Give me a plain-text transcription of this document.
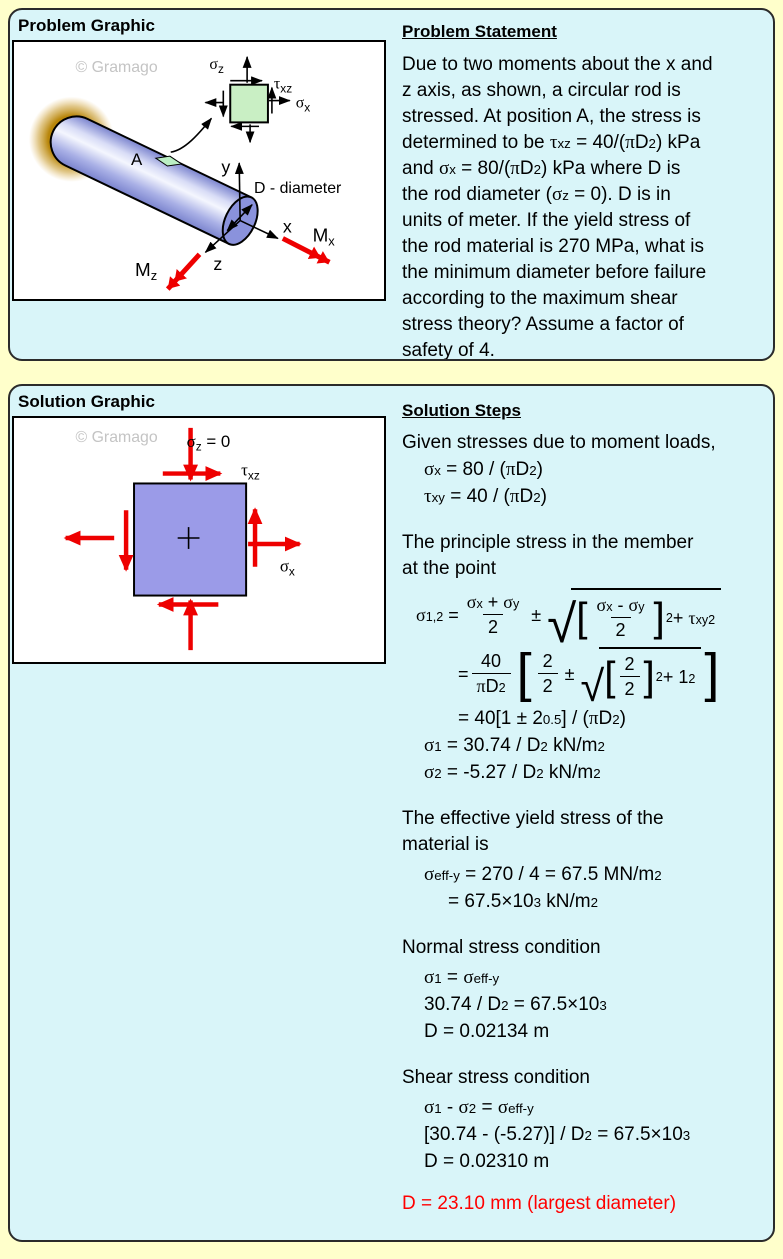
Problem Graphic
© Gramago
A
$\sigma_z$
$\tau_{xz}$
$\sigma_x$
y
x
z
D - diameter
$M_x$
$M_z$
Problem Statement
Due to two moments about the x and
z axis, as shown, a circular rod is
stressed. At position A, the stress is
determined to be $\tau_{xz} = 40/(\pi D^2)$ kPa
and $\sigma_x = 80/(\pi D^2)$ kPa where D is
the rod diameter $(\sigma_z = 0)$. D is in
units of meter. If the yield stress of
the rod material is 270 MPa, what is
the minimum diameter before failure
according to the maximum shear
stress theory? Assume a factor of
safety of 4.
Solution Graphic
© Gramago $\sigma_z = 0$
$\tau_{xz}$
$\sigma_x$
Solution Steps
Given stresses due to moment loads,
$\sigma_x = 80 / (\pi D^2)$
$\tau_{xy} = 40 / (\pi D^2)$
The principle stress in the member
at the point
$\sigma_{1,2} = \frac{\sigma_x + \sigma_y}{2}$ ± √ [ $\frac{\sigma_x - \sigma_y}{2}$ ] $2 + \tau_{xy}^2$
= $\frac{40}{\pi D^2}$ [ $\frac{2}{2}$ ± √ [ $\frac{2}{2}$ ] $2 + 1^2$ ]
= $40[1 \pm 2^{0.5}] / (\pi D^2)$
$\sigma_1 = 30.74 / D^2$ $kN/m^2$
$\sigma_2 = -5.27 / D^2$ $kN/m^2$
The effective yield stress of the
material is
$\sigma_{eff-y} = 270 / 4 = 67.5$ $MN/m^2$
= $67.5\times 10^3$ $kN/m^2$
Normal stress condition
$\sigma_1 = \sigma_{eff-y}$
$30.74 / D^2 = 67.5\times 10^3$
D = 0.02134 m
Shear stress condition
$\sigma_1 - \sigma_2 = \sigma_{eff-y}$
$[30.74 - (-5.27)] / D^2 = 67.5\times 10^3$
D = 0.02310 m
D = 23.10 mm (largest diameter)
